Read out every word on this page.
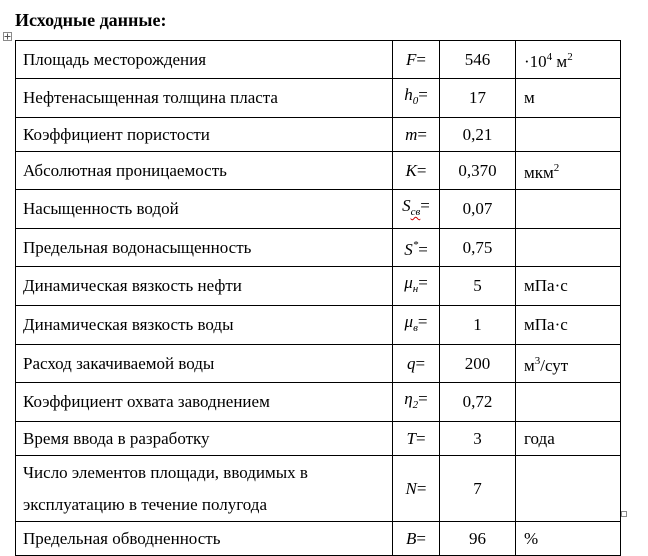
Исходные данные:
Площадь месторождения	F=	546	$\cdot 10^4$ $м^2$
Нефтенасыщенная толщина пласта	$h_0=$	17	м
Коэффициент пористости	m=	0,21	
Абсолютная проницаемость	K=	0,370	мкм$^2$
Насыщенность водой	$S_{св}=$	0,07	
Предельная водонасыщенность	S*=	0,75	
Динамическая вязкость нефти	$\mu_н=$	5	мПа·с
Динамическая вязкость воды	$\mu_в=$	1	мПа·с
Расход закачиваемой воды	q=	200	$м^3$/сут
Коэффициент охвата заводнением	$\eta_2=$	0,72	
Время ввода в разработку	T=	3	года
Число элементов площади, вводимых в эксплуатацию в течение полугода	N=	7	
Предельная обводненность	B=	96	%
